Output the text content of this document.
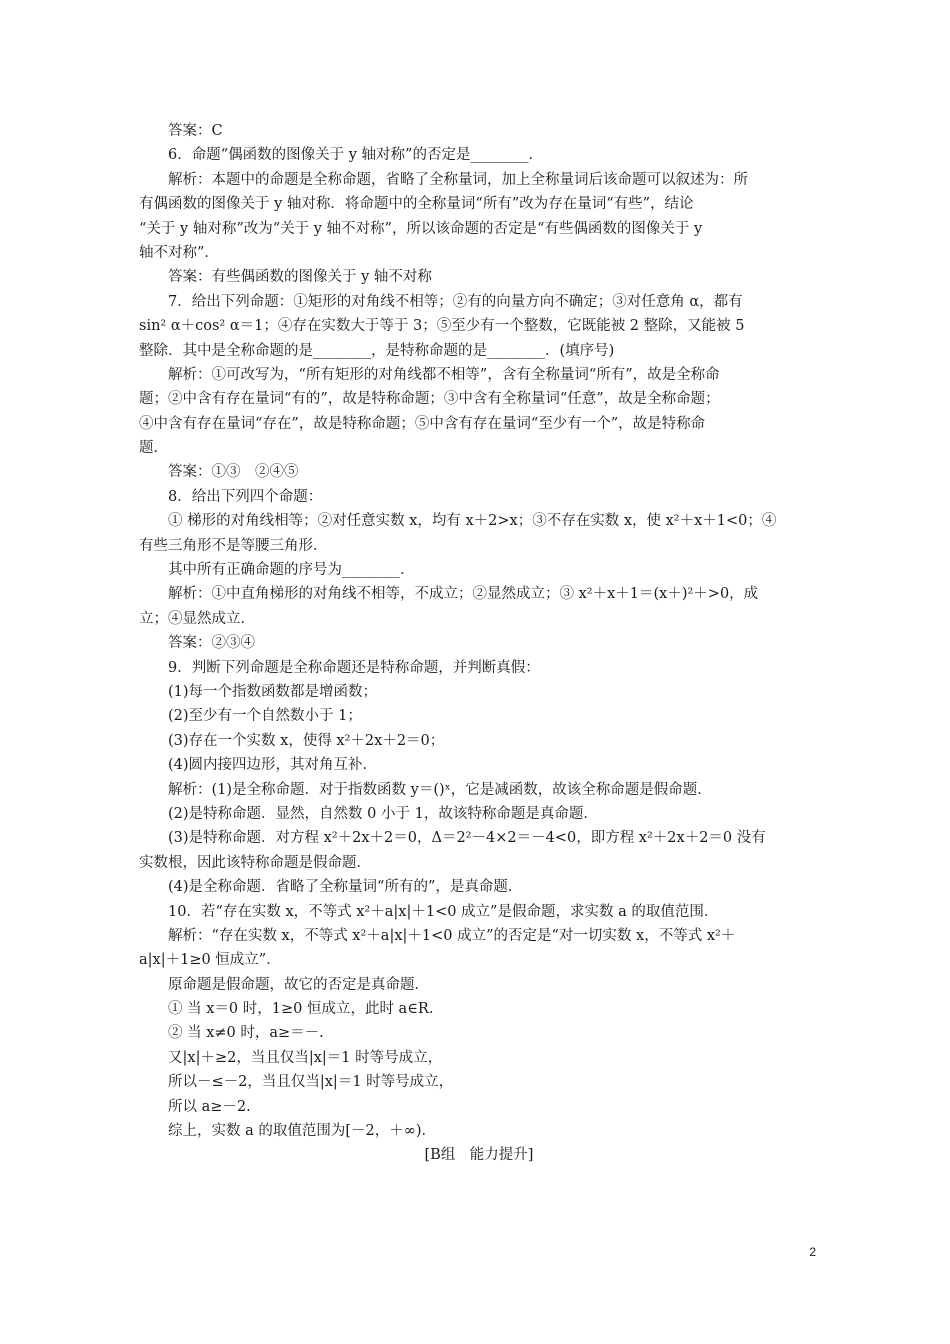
答案：C
6．命题“偶函数的图像关于 y 轴对称”的否定是________．
解析：本题中的命题是全称命题，省略了全称量词，加上全称量词后该命题可以叙述为：所
有偶函数的图像关于 y 轴对称．将命题中的全称量词“所有”改为存在量词“有些”，结论
“关于 y 轴对称”改为“关于 y 轴不对称”，所以该命题的否定是“有些偶函数的图像关于 y
轴不对称”．
答案：有些偶函数的图像关于 y 轴不对称
7．给出下列命题：①矩形的对角线不相等；②有的向量方向不确定；③对任意角 α，都有
sin² α＋cos² α＝1；④存在实数大于等于 3；⑤至少有一个整数，它既能被 2 整除，又能被 5
整除．其中是全称命题的是________，是特称命题的是________．(填序号)
解析：①可改写为，“所有矩形的对角线都不相等”，含有全称量词“所有”，故是全称命
题；②中含有存在量词“有的”，故是特称命题；③中含有全称量词“任意”，故是全称命题；
④中含有存在量词“存在”，故是特称命题；⑤中含有存在量词“至少有一个”，故是特称命
题．
答案：①③　②④⑤
8．给出下列四个命题：
① 梯形的对角线相等；②对任意实数 x，均有 x＋2>x；③不存在实数 x，使 x²＋x＋1<0；④
有些三角形不是等腰三角形．
其中所有正确命题的序号为________．
解析：①中直角梯形的对角线不相等，不成立；②显然成立；③ x²＋x＋1＝(x＋)²＋>0，成
立；④显然成立．
答案：②③④
9．判断下列命题是全称命题还是特称命题，并判断真假：
(1)每一个指数函数都是增函数；
(2)至少有一个自然数小于 1；
(3)存在一个实数 x，使得 x²＋2x＋2＝0；
(4)圆内接四边形，其对角互补．
解析：(1)是全称命题．对于指数函数 y＝()ˣ，它是减函数，故该全称命题是假命题．
(2)是特称命题．显然，自然数 0 小于 1，故该特称命题是真命题．
(3)是特称命题．对方程 x²＋2x＋2＝0，Δ＝2²－4×2＝－4<0，即方程 x²＋2x＋2＝0 没有
实数根，因此该特称命题是假命题．
(4)是全称命题．省略了全称量词“所有的”，是真命题．
10．若“存在实数 x，不等式 x²＋a|x|＋1<0 成立”是假命题，求实数 a 的取值范围．
解析：“存在实数 x，不等式 x²＋a|x|＋1<0 成立”的否定是“对一切实数 x，不等式 x²＋
a|x|＋1≥0 恒成立”．
原命题是假命题，故它的否定是真命题．
① 当 x＝0 时，1≥0 恒成立，此时 a∈R.
② 当 x≠0 时，a≥＝－.
又|x|＋≥2，当且仅当|x|＝1 时等号成立，
所以－≤－2，当且仅当|x|＝1 时等号成立，
所以 a≥－2.
综上，实数 a 的取值范围为[－2，＋∞)．
[B组　能力提升]
2
